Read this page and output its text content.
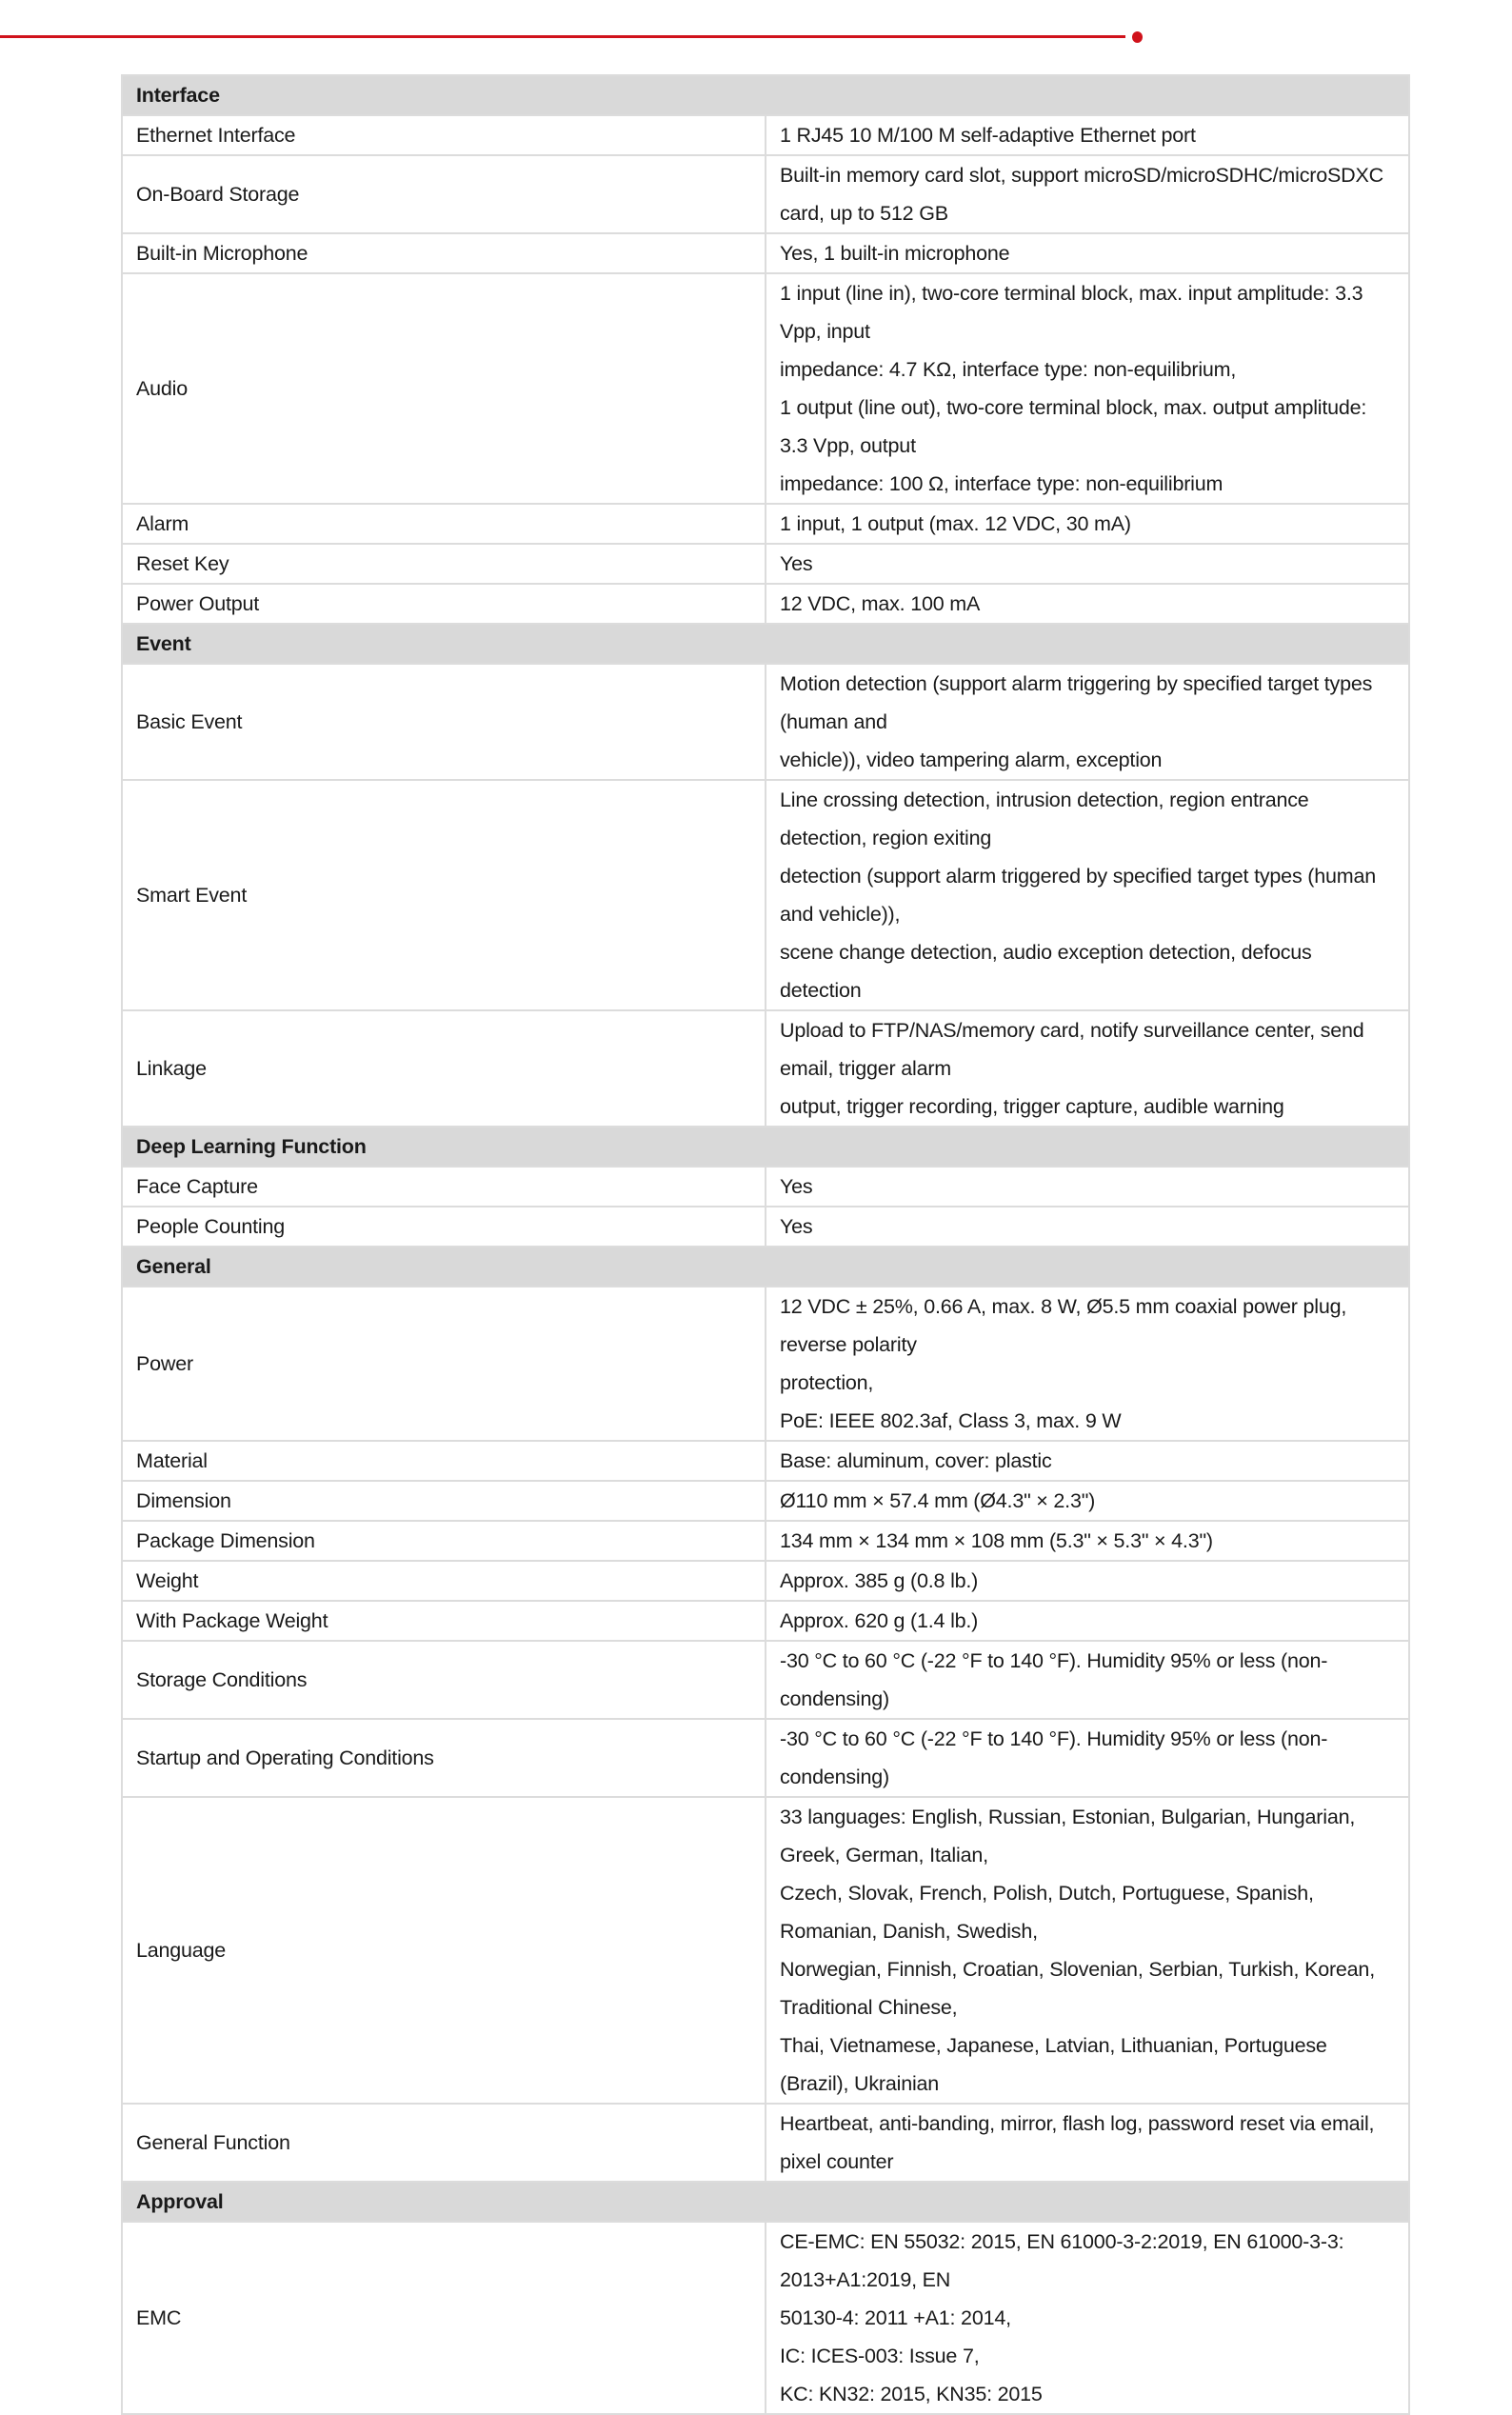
Interface	
Ethernet Interface	1 RJ45 10 M/100 M self-adaptive Ethernet port

On-Board Storage	Built-in memory card slot, support microSD/microSDHC/microSDXC card, up to 512 GB

Built-in Microphone	Yes, 1 built-in microphone

Audio	1 input (line in), two-core terminal block, max. input amplitude: 3.3 Vpp, input
impedance: 4.7 KΩ, interface type: non-equilibrium,
1 output (line out), two-core terminal block, max. output amplitude: 3.3 Vpp, output
impedance: 100 Ω, interface type: non-equilibrium

Alarm	1 input, 1 output (max. 12 VDC, 30 mA)

Reset Key	Yes

Power Output	12 VDC, max. 100 mA

Event	
Basic Event	Motion detection (support alarm triggering by specified target types (human and
vehicle)), video tampering alarm, exception

Smart Event	Line crossing detection, intrusion detection, region entrance detection, region exiting
detection (support alarm triggered by specified target types (human and vehicle)),
scene change detection, audio exception detection, defocus detection

Linkage	Upload to FTP/NAS/memory card, notify surveillance center, send email, trigger alarm
output, trigger recording, trigger capture, audible warning

Deep Learning Function	
Face Capture	Yes

People Counting	Yes

General	
Power	12 VDC ± 25%, 0.66 A, max. 8 W, Ø5.5 mm coaxial power plug, reverse polarity
protection,
PoE: IEEE 802.3af, Class 3, max. 9 W

Material	Base: aluminum, cover: plastic

Dimension	Ø110 mm × 57.4 mm (Ø4.3" × 2.3")

Package Dimension	134 mm × 134 mm × 108 mm (5.3" × 5.3" × 4.3")

Weight	Approx. 385 g (0.8 lb.)

With Package Weight	Approx. 620 g (1.4 lb.)

Storage Conditions	-30 °C to 60 °C (-22 °F to 140 °F). Humidity 95% or less (non-condensing)

Startup and Operating Conditions	-30 °C to 60 °C (-22 °F to 140 °F). Humidity 95% or less (non-condensing)

Language	33 languages: English, Russian, Estonian, Bulgarian, Hungarian, Greek, German, Italian,
Czech, Slovak, French, Polish, Dutch, Portuguese, Spanish, Romanian, Danish, Swedish,
Norwegian, Finnish, Croatian, Slovenian, Serbian, Turkish, Korean, Traditional Chinese,
Thai, Vietnamese, Japanese, Latvian, Lithuanian, Portuguese (Brazil), Ukrainian

General Function	Heartbeat, anti-banding, mirror, flash log, password reset via email, pixel counter

Approval	
EMC	CE-EMC: EN 55032: 2015, EN 61000-3-2:2019, EN 61000-3-3: 2013+A1:2019, EN
50130-4: 2011 +A1: 2014,
IC: ICES-003: Issue 7,
KC: KN32: 2015, KN35: 2015
